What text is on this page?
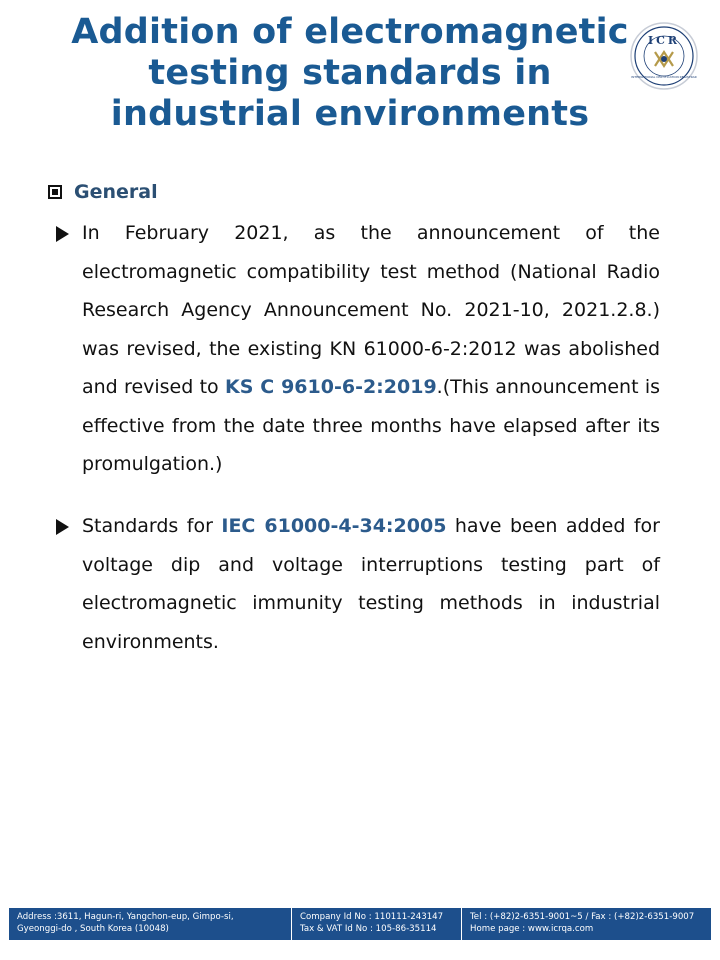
Addition of electromagnetic
testing standards in
industrial environments
ICR
INTERNATIONAL CERTIFICATION REGISTRAR
General
In February 2021, as the announcement of the electromagnetic compatibility test method (National Radio Research Agency Announcement No. 2021-10, 2021.2.8.) was revised, the existing KN 61000-6-2:2012 was abolished and revised to KS C 9610-6-2:2019.(This announcement is effective from the date three months have elapsed after its promulgation.)
Standards for IEC 61000-4-34:2005 have been added for voltage dip and voltage interruptions testing part of electromagnetic immunity testing methods in industrial environments.
Address :3611, Hagun-ri, Yangchon-eup, Gimpo-si,
Gyeonggi-do , South Korea (10048)
Company Id No : 110111-243147
Tax & VAT Id No : 105-86-35114
Tel : (+82)2-6351-9001~5 / Fax : (+82)2-6351-9007
Home page : www.icrqa.com
